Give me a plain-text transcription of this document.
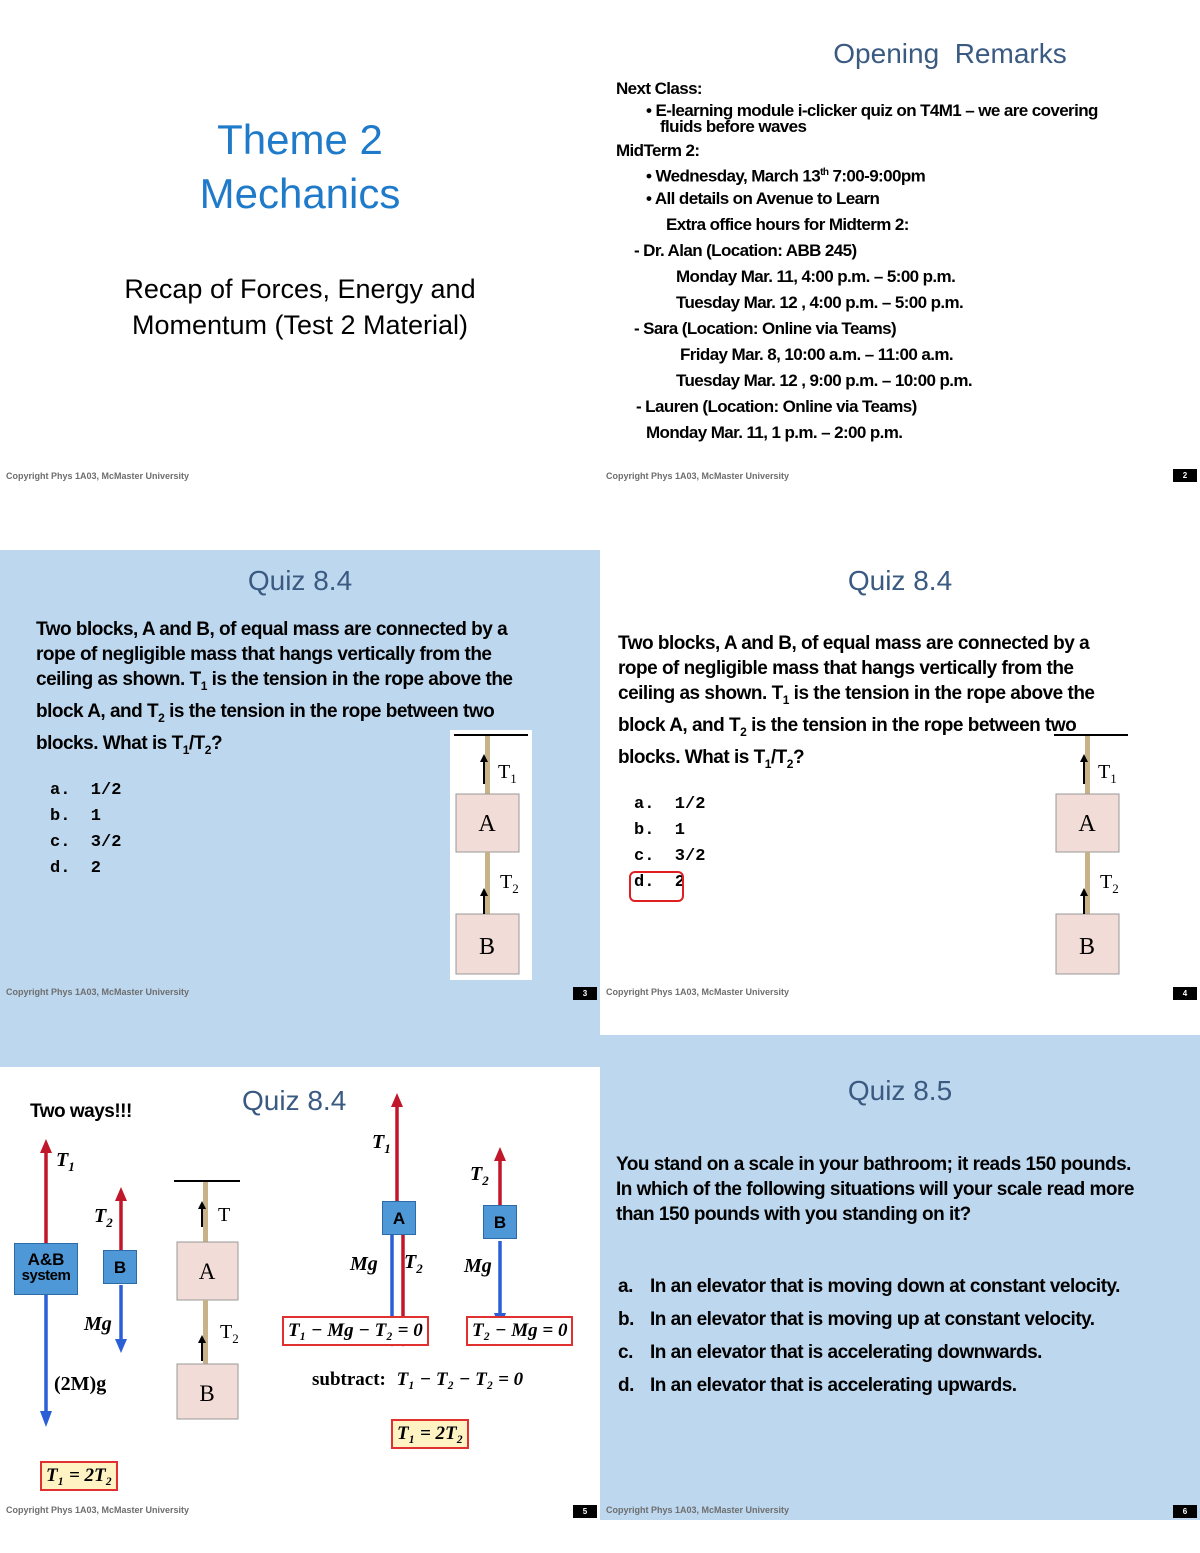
Theme 2
Mechanics
Recap of Forces, Energy and
Momentum (Test 2 Material)
Copyright Phys 1A03, McMaster University
Opening  Remarks
Next Class:
• E-learning module i-clicker quiz on T4M1 – we are covering
fluids before waves
MidTerm 2:
• Wednesday, March 13th 7:00-9:00pm
• All details on Avenue to Learn
Extra office hours for Midterm 2:
- Dr. Alan (Location: ABB 245)
Monday Mar. 11, 4:00 p.m. – 5:00 p.m.
Tuesday Mar. 12 , 4:00 p.m. – 5:00 p.m.
- Sara (Location: Online via Teams)
Friday Mar. 8, 10:00 a.m. – 11:00 a.m.
Tuesday Mar. 12 , 9:00 p.m. – 10:00 p.m.
- Lauren (Location: Online via Teams)
Monday Mar. 11, 1 p.m. – 2:00 p.m.
Copyright Phys 1A03, McMaster University	2
Quiz 8.4
Two blocks, A and B, of equal mass are connected by a
rope of negligible mass that hangs vertically from the
ceiling as shown. $T_1$ is the tension in the rope above the
block A, and $T_2$ is the tension in the rope between two
blocks. What is $T_1/T_2$?
a.  1/2
b.  1
c.  3/2
d.  2
A
B
$T_1$
$T_2$
Copyright Phys 1A03, McMaster University	3
Quiz 8.4
Two blocks, A and B, of equal mass are connected by a
rope of negligible mass that hangs vertically from the
ceiling as shown. $T_1$ is the tension in the rope above the
block A, and $T_2$ is the tension in the rope between two
blocks. What is $T_1/T_2$?
a.  1/2
b.  1
c.  3/2
d.  2
A
B
$T_1$
$T_2$
Copyright Phys 1A03, McMaster University	4
Two ways!!!	Quiz 8.4
A&B
system	B
$T_1$
$T_2$
Mg
(2M)g
T₁ = 2T₂
A
B
T
$T_2$
A	B
$T_1$
$T_2$
Mg $T_2$ Mg
T₁ − Mg − T₂ = 0	T₂ − Mg = 0
subtract: T₁ − T₂ − T₂ = 0
T₁ = 2T₂
Copyright Phys 1A03, McMaster University	5
Quiz 8.5
You stand on a scale in your bathroom; it reads 150 pounds.
In which of the following situations will your scale read more
than 150 pounds with you standing on it?
a. In an elevator that is moving down at constant velocity.
b. In an elevator that is moving up at constant velocity.
c. In an elevator that is accelerating downwards.
d. In an elevator that is accelerating upwards.
Copyright Phys 1A03, McMaster University	6
